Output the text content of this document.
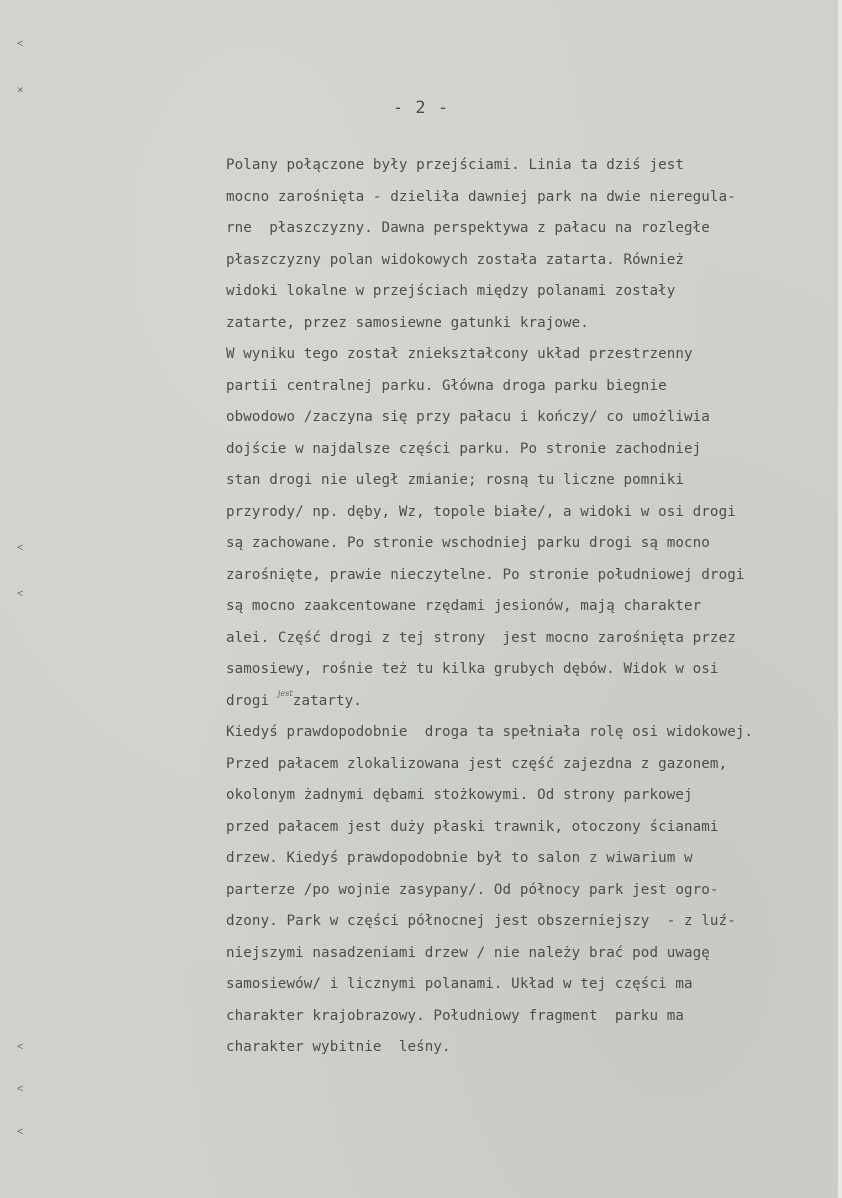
˂
×
˂
˂
˂
˂
˂
- 2 -
Polany połączone były przejściami. Linia ta dziś jest
mocno zarośnięta - dzieliła dawniej park na dwie nieregula-
rne  płaszczyzny. Dawna perspektywa z pałacu na rozległe
płaszczyzny polan widokowych została zatarta. Również
widoki lokalne w przejściach między polanami zostały
zatarte, przez samosiewne gatunki krajowe.
W wyniku tego został zniekształcony układ przestrzenny
partii centralnej parku. Główna droga parku biegnie
obwodowo /zaczyna się przy pałacu i kończy/ co umożliwia
dojście w najdalsze części parku. Po stronie zachodniej
stan drogi nie uległ zmianie; rosną tu liczne pomniki
przyrody/ np. dęby, Wz, topole białe/, a widoki w osi drogi
są zachowane. Po stronie wschodniej parku drogi są mocno
zarośnięte, prawie nieczytelne. Po stronie południowej drogi
są mocno zaakcentowane rzędami jesionów, mają charakter
alei. Część drogi z tej strony  jest mocno zarośnięta przez
samosiewy, rośnie też tu kilka grubych dębów. Widok w osi
drogi $^{jest}$zatarty.
Kiedyś prawdopodobnie  droga ta spełniała rolę osi widokowej.
Przed pałacem zlokalizowana jest część zajezdna z gazonem,
okolonym żadnymi dębami stożkowymi. Od strony parkowej
przed pałacem jest duży płaski trawnik, otoczony ścianami
drzew. Kiedyś prawdopodobnie był to salon z wiwarium w
parterze /po wojnie zasypany/. Od północy park jest ogro-
dzony. Park w części północnej jest obszerniejszy  - z luź-
niejszymi nasadzeniami drzew / nie należy brać pod uwagę
samosiewów/ i licznymi polanami. Układ w tej części ma
charakter krajobrazowy. Południowy fragment  parku ma
charakter wybitnie  leśny.
